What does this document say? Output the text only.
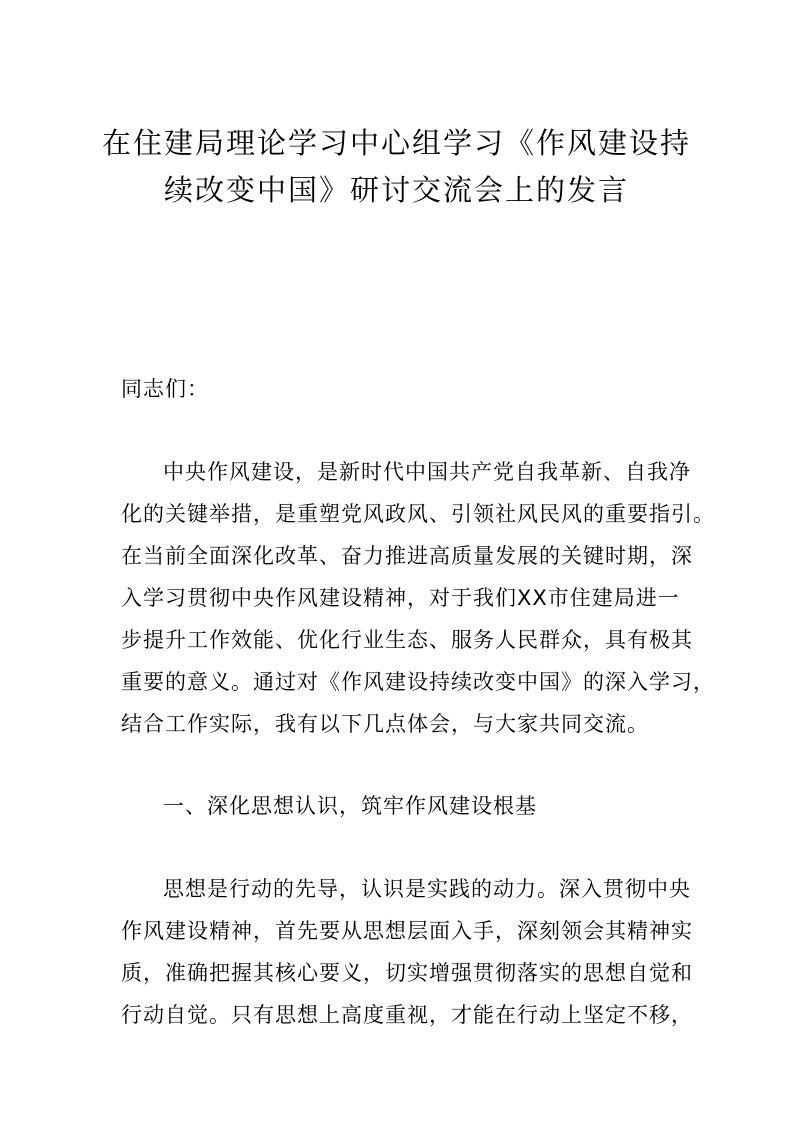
在住建局理论学习中心组学习《作风建设持
续改变中国》研讨交流会上的发言
同志们：
中央作风建设，是新时代中国共产党自我革新、自我净
化的关键举措，是重塑党风政风、引领社风民风的重要指引。
在当前全面深化改革、奋力推进高质量发展的关键时期，深
入学习贯彻中央作风建设精神，对于我们XX市住建局进一
步提升工作效能、优化行业生态、服务人民群众，具有极其
重要的意义。通过对《作风建设持续改变中国》的深入学习，
结合工作实际，我有以下几点体会，与大家共同交流。
一、深化思想认识，筑牢作风建设根基
思想是行动的先导，认识是实践的动力。深入贯彻中央
作风建设精神，首先要从思想层面入手，深刻领会其精神实
质，准确把握其核心要义，切实增强贯彻落实的思想自觉和
行动自觉。只有思想上高度重视，才能在行动上坚定不移，
